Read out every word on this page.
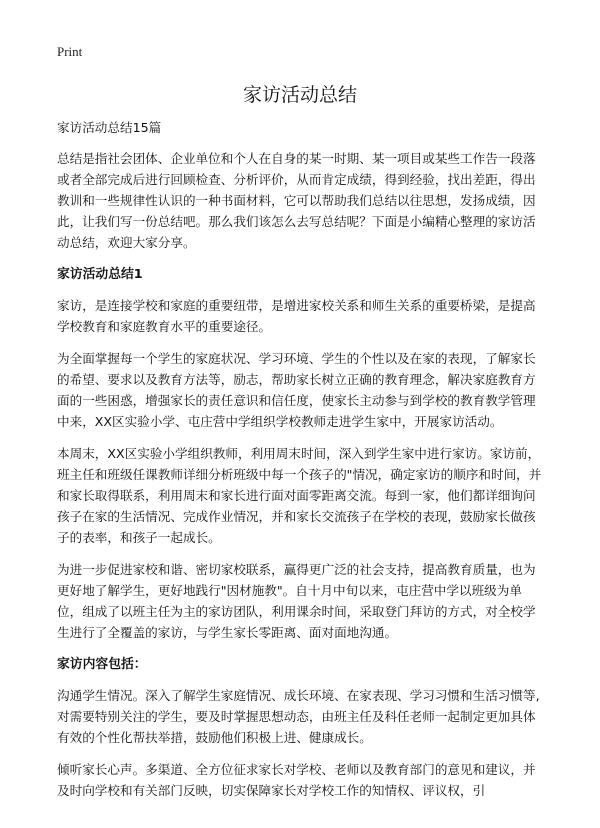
Print
家访活动总结

家访活动总结15篇

总结是指社会团体、企业单位和个人在自身的某一时期、某一项目或某些工作告一段落或者全部完成后进行回顾检查、分析评价，从而肯定成绩，得到经验，找出差距，得出教训和一些规律性认识的一种书面材料，它可以帮助我们总结以往思想，发扬成绩，因此，让我们写一份总结吧。那么我们该怎么去写总结呢？下面是小编精心整理的家访活动总结，欢迎大家分享。

家访活动总结1

家访，是连接学校和家庭的重要纽带，是增进家校关系和师生关系的重要桥梁，是提高学校教育和家庭教育水平的重要途径。

为全面掌握每一个学生的家庭状况、学习环境、学生的个性以及在家的表现，了解家长的希望、要求以及教育方法等，励志，帮助家长树立正确的教育理念，解决家庭教育方面的一些困惑，增强家长的责任意识和信任度，使家长主动参与到学校的教育教学管理中来，XX区实验小学、屯庄营中学组织学校教师走进学生家中，开展家访活动。

本周末，XX区实验小学组织教师，利用周末时间，深入到学生家中进行家访。家访前，班主任和班级任课教师详细分析班级中每一个孩子的"情况，确定家访的顺序和时间，并和家长取得联系，利用周末和家长进行面对面零距离交流。每到一家，他们都详细询问孩子在家的生活情况、完成作业情况，并和家长交流孩子在学校的表现，鼓励家长做孩子的表率，和孩子一起成长。

为进一步促进家校和谐、密切家校联系，赢得更广泛的社会支持，提高教育质量，也为更好地了解学生，更好地践行"因材施教"。自十月中旬以来，屯庄营中学以班级为单位，组成了以班主任为主的家访团队，利用课余时间，采取登门拜访的方式，对全校学生进行了全覆盖的家访，与学生家长零距离、面对面地沟通。

家访内容包括：

沟通学生情况。深入了解学生家庭情况、成长环境、在家表现、学习习惯和生活习惯等,对需要特别关注的学生，要及时掌握思想动态，由班主任及科任老师一起制定更加具体有效的个性化帮扶举措，鼓励他们积极上进、健康成长。

倾听家长心声。多渠道、全方位征求家长对学校、老师以及教育部门的意见和建议，并及时向学校和有关部门反映，切实保障家长对学校工作的知情权、评议权，引
